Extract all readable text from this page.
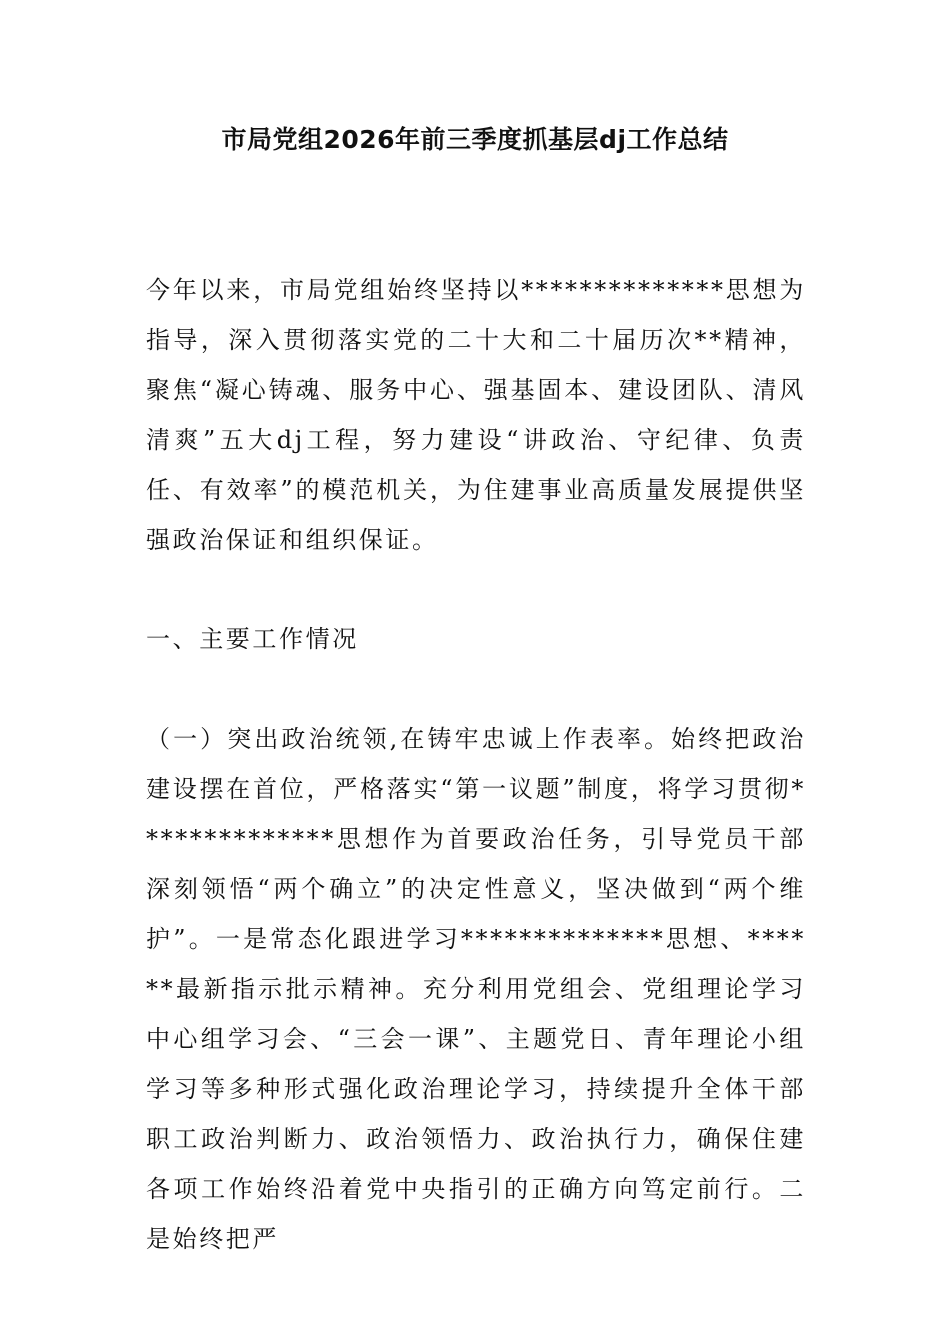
市局党组2026年前三季度抓基层dj工作总结

今年以来，市局党组始终坚持以**************思想为指导，深入贯彻落实党的二十大和二十届历次**精神，聚焦“凝心铸魂、服务中心、强基固本、建设团队、清风清爽”五大dj工程，努力建设“讲政治、守纪律、负责任、有效率”的模范机关，为住建事业高质量发展提供坚强政治保证和组织保证。

一、主要工作情况

（一）突出政治统领,在铸牢忠诚上作表率。始终把政治建设摆在首位，严格落实“第一议题”制度，将学习贯彻**************思想作为首要政治任务，引导党员干部深刻领悟“两个确立”的决定性意义，坚决做到“两个维护”。一是常态化跟进学习**************思想、******最新指示批示精神。充分利用党组会、党组理论学习中心组学习会、“三会一课”、主题党日、青年理论小组学习等多种形式强化政治理论学习，持续提升全体干部职工政治判断力、政治领悟力、政治执行力，确保住建各项工作始终沿着党中央指引的正确方向笃定前行。二是始终把严
